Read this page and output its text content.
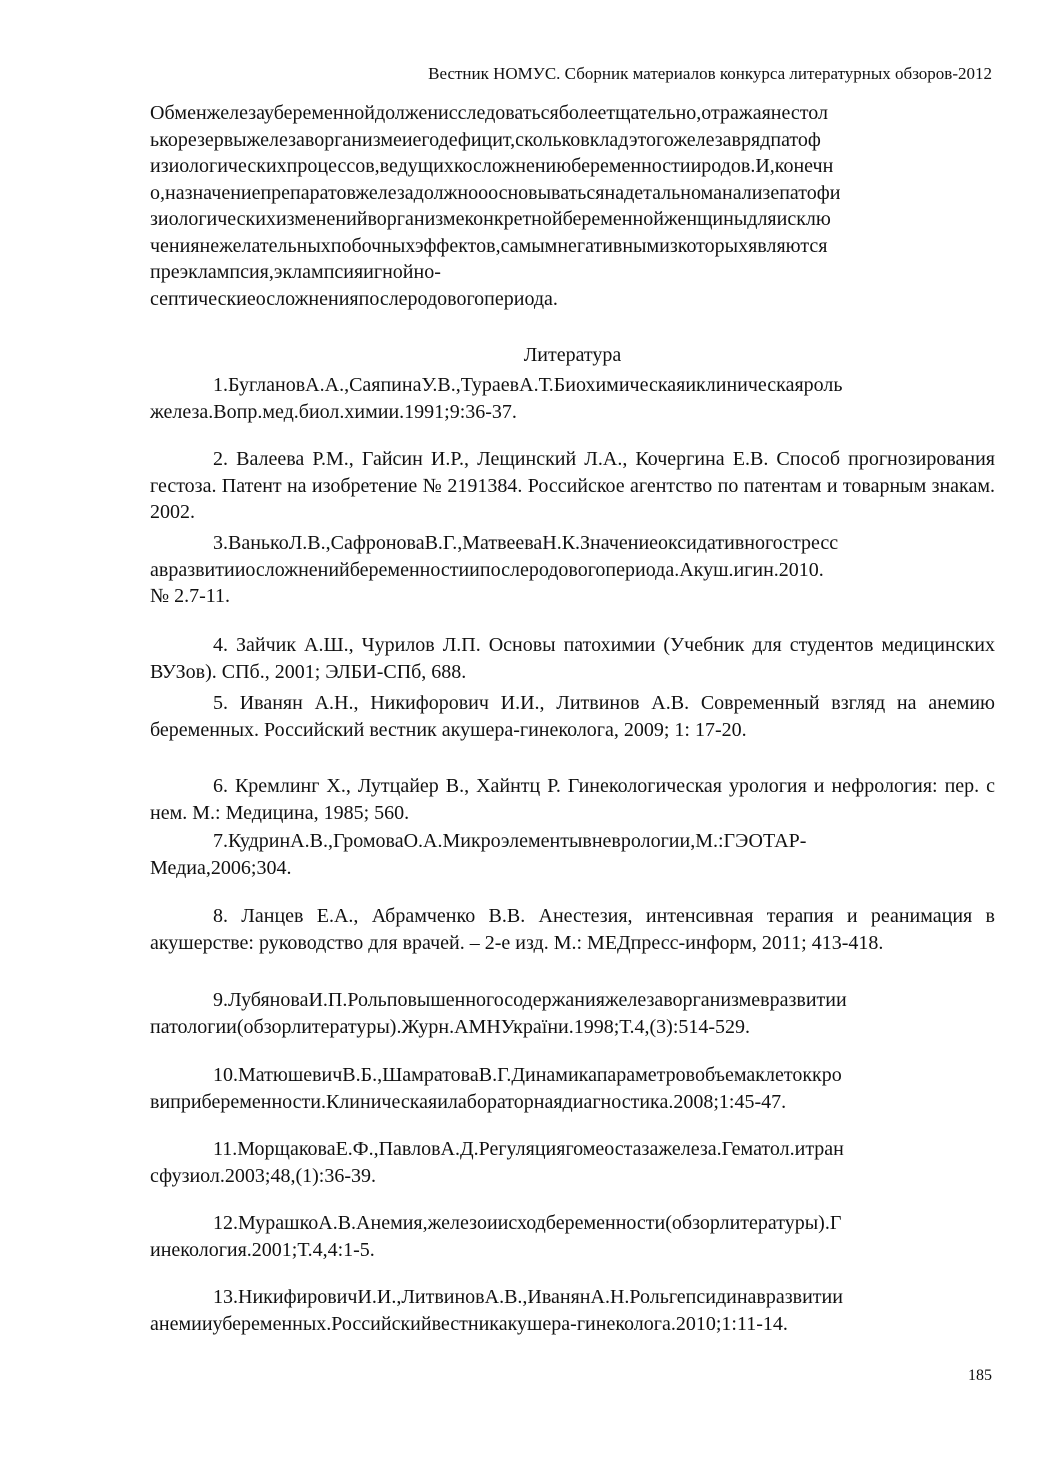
Вестник НОМУС. Сборник материалов конкурса литературных обзоров-2012
Обменжелезаубеременнойдолженисследоватьсяболеетщательно,отражаянестол
ькорезервыжелезаворганизмеиегодефицит,скольковкладэтогожелезаврядпатоф
изиологическихпроцессов,ведущихкосложнениюбеременностииродов.И,конечн
о,назначениепрепаратовжелезадолжнооосновыватьсянадетальноманализепатофи
зиологическихизмененийворганизмеконкретнойбеременнойженщиныдляисклю
чениянежелательныхпобочныхэффектов,самымнегативнымизкоторыхявляются
преэклампсия,эклампсияигнойно-
септическиеосложненияпослеродовогопериода.
Литература
1.БуглановА.А.,СаяпинаУ.В.,ТураевА.Т.Биохимическаяиклиническаяроль
железа.Вопр.мед.биол.химии.1991;9:36-37.
2. Валеева Р.М., Гайсин И.Р., Лещинский Л.А., Кочергина Е.В. Способ прогнозирования гестоза. Патент на изобретение № 2191384. Российское агентство по патентам и товарным знакам. 2002.
3.ВанькоЛ.В.,СафроноваВ.Г.,МатвееваН.К.Значениеоксидативногостресс
авразвитииосложненийбеременностиипослеродовогопериода.Акуш.игин.2010.
№ 2.7-11.
4. Зайчик А.Ш., Чурилов Л.П. Основы патохимии (Учебник для студентов медицинских ВУЗов). СПб., 2001; ЭЛБИ-СПб, 688.
5. Иванян А.Н., Никифорович И.И., Литвинов А.В. Современный взгляд на анемию беременных. Российский вестник акушера-гинеколога, 2009; 1: 17-20.
6. Кремлинг Х., Лутцайер В., Хайнтц Р. Гинекологическая урология и нефрология: пер. с нем. М.: Медицина, 1985; 560.
7.КудринА.В.,ГромоваО.А.Микроэлементывневрологии,М.:ГЭОТАР-
Медиа,2006;304.
8. Ланцев Е.А., Абрамченко В.В. Анестезия, интенсивная терапия и реанимация в акушерстве: руководство для врачей. – 2-е изд. М.: МЕДпресс-информ, 2011; 413-418.
9.ЛубяноваИ.П.Рольповышенногосодержанияжелезаворганизмевразвитии
патологии(обзорлитературы).Журн.АМНУкраїни.1998;Т.4,(3):514-529.
10.МатюшевичВ.Б.,ШамратоваВ.Г.Динамикапараметровобъемаклетоккро
виприбеременности.Клиническаяилабораторнаядиагностика.2008;1:45-47.
11.МорщаковаЕ.Ф.,ПавловА.Д.Регуляциягомеостазажелеза.Гематол.итран
сфузиол.2003;48,(1):36-39.
12.МурашкоА.В.Анемия,железоиисходбеременности(обзорлитературы).Г
инекология.2001;Т.4,4:1-5.
13.НикифировичИ.И.,ЛитвиновА.В.,ИванянА.Н.Рольгепсидинавразвитии
анемииубеременных.Российскийвестникакушера-гинеколога.2010;1:11-14.
185
